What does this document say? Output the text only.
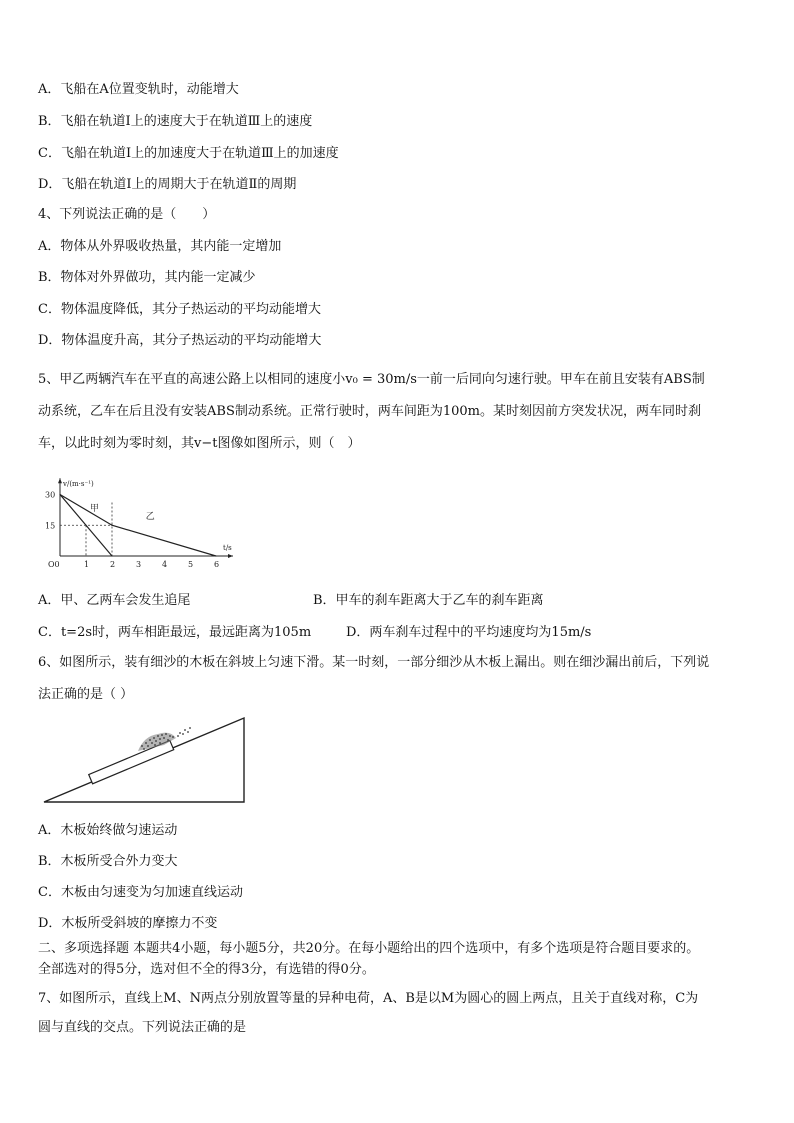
A．飞船在A位置变轨时，动能增大
B．飞船在轨道Ⅰ上的速度大于在轨道Ⅲ上的速度
C．飞船在轨道Ⅰ上的加速度大于在轨道Ⅲ上的加速度
D．飞船在轨道Ⅰ上的周期大于在轨道Ⅱ的周期
4、下列说法正确的是（　　）
A．物体从外界吸收热量，其内能一定增加
B．物体对外界做功，其内能一定减少
C．物体温度降低，其分子热运动的平均动能增大
D．物体温度升高，其分子热运动的平均动能增大
5、甲乙两辆汽车在平直的高速公路上以相同的速度小v₀ = 30m/s一前一后同向匀速行驶。甲车在前且安装有ABS制
动系统，乙车在后且没有安装ABS制动系统。正常行驶时，两车间距为100m。某时刻因前方突发状况，两车同时刹
车，以此时刻为零时刻，其v−t图像如图所示，则（　）
v/(m·s⁻¹)
t/s
O0	1	2	3	4	5	6
15
30
甲
乙
A．甲、乙两车会发生追尾	B．甲车的刹车距离大于乙车的刹车距离
C．t=2s时，两车相距最远，最远距离为105m	D．两车刹车过程中的平均速度均为15m/s
6、如图所示，装有细沙的木板在斜坡上匀速下滑。某一时刻，一部分细沙从木板上漏出。则在细沙漏出前后，下列说
法正确的是（ ）
A．木板始终做匀速运动
B．木板所受合外力变大
C．木板由匀速变为匀加速直线运动
D．木板所受斜坡的摩擦力不变
二、多项选择题 本题共4小题，每小题5分，共20分。在每小题给出的四个选项中，有多个选项是符合题目要求的。
全部选对的得5分，选对但不全的得3分，有选错的得0分。
7、如图所示，直线上M、N两点分别放置等量的异种电荷，A、B是以M为圆心的圆上两点，且关于直线对称，C为
圆与直线的交点。下列说法正确的是
